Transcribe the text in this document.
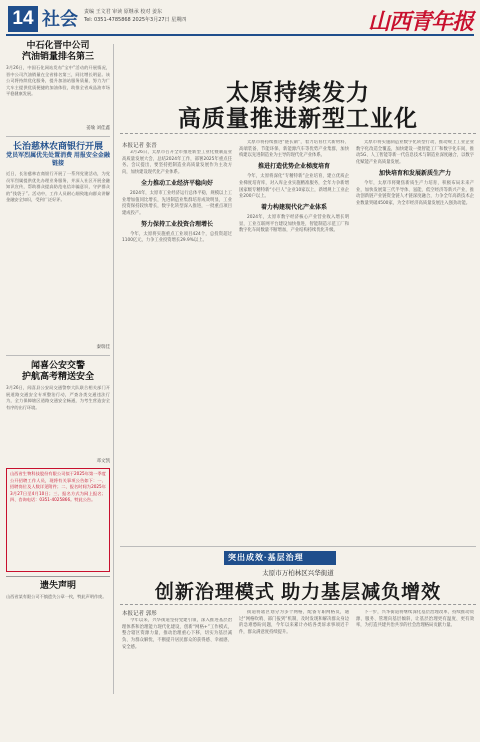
14 社会 责编 王文君 审读 原继承 校对 姜东
Tel: 0351-4785868 2025年3月27日 星期四	山西青年报
中石化晋中公司
汽油销量排名第三
3月26日，中国石化网站发布“宝中”活动的开展情况，晋中公司汽油销量在全省排名第三，同比增长明显。该公司将持续优化服务，提升加油站服务质量，努力为广大车主提供优质便捷的加油体验，助推全省成品油市场平稳健康发展。
姜瑜 刘佳鑫
长治慈林农商银行开展
党员军烈属优先处置消费 用报安全金融链接
近日，长治慈林农商银行开展了一系列党建活动，为党员军烈属提供优先办理业务服务，并深入社区开展金融知识宣传，帮助群众提高防范电信诈骗意识，守护群众的“钱袋子”。活动中，工作人员耐心细致地向群众讲解金融安全知识，受到广泛好评。
秦瑞佳
闻喜公安交警
护航高考精送安全
3月26日，闻喜县公安局交通警察大队联合相关部门开展道路交通安全专项整治行动，严查各类交通违法行为，全力保障辖区道路交通安全畅通，为考生营造安全有序的出行环境。
邓文凯
山西省生物科技股份有限公司拟于2025年第一季度公开招聘工作人员，现将有关事项公告如下：一、招聘岗位及人数详见附件；二、报名时间为2025年3月27日至4月10日；三、报名方式为网上报名；四、咨询电话：0351-4025866。特此公告。
遗失声明
山西省某有限公司不慎遗失公章一枚，特此声明作废。
太原持续发力
高质量推进新型工业化
本报记者 张晋

3月26日，太原市召开全市推进新型工业化暨制造业高质量发展大会，总结2024年工作，部署2025年重点任务。会议提出，要坚持把制造业高质量发展作为主攻方向，加快建设现代化产业体系。

全力推动工业经济平稳向好

2024年，太原市工业经济运行总体平稳，规模以上工业增加值同比增长，先进制造业集群培育成效明显，工业投资保持较快增长，数字化转型深入推进，一批重点项目建成投产。

努力保持工业投资合理增长

今年，太原将实施重点工业项目424个，总投资超过1100亿元，力争工业投资增长29.9%以上。

太原市将持续推进“链长制”，着力培育壮大新材料、高端装备、节能环保、新能源汽车等优势产业集群，加快构建以先进制造业为主导的现代化产业体系。

推进打造优势企业梯度培育

今年，太原将深化“专精特新”企业培育，建立优质企业梯度培育库，对入库企业实施精准服务，全年力争新增国家级专精特新“小巨人”企业10家以上，新增规上工业企业200户以上。

着力构建现代化产业体系

2024年，太原市数字经济核心产业营业收入增长明显，工业互联网平台建设加快推进，智能制造示范工厂和数字化车间数量不断增加，产业结构持续优化升级。

太原市将实施制造业数字化转型行动，推动规上工业企业数字化改造全覆盖，加快建设一批智能工厂和数字化车间，推动5G、人工智能等新一代信息技术与制造业深度融合，以数字化赋能产业高质量发展。

加快培育和发展新质生产力

今年，太原市将聚焦新质生产力培育，积极布局未来产业，加快发展第三代半导体、氢能、低空经济等新兴产业，推动创新链产业链资金链人才链深度融合，力争全年高新技术企业数量突破4500家，为全市经济高质量发展注入强劲动能。

突出成效·基层治理
太原市万柏林区兴华街道
创新治理模式 助力基层减负增效
本报记者 郭彤

今年以来，兴华街道坚持党建引领，深入推进基层治理体系和治理能力现代化建设，创新“网格+”工作模式，整合辖区资源力量，推动治理重心下移，切实为基层减负、为群众解忧，不断提升居民群众的获得感、幸福感、安全感。

街道将辖区划分为多个网格，配备专职网格员，通过“网格吹哨、部门报到”机制，及时发现和解决群众身边的急难愁盼问题，今年以来累计办结各类诉求事项近千件，群众满意度持续提升。

下一步，兴华街道将继续深化基层治理改革，持续推动资源、服务、管理向基层倾斜，让基层治理更有温度、更有效率，为打造共建共治共享的社会治理格局贡献力量。
